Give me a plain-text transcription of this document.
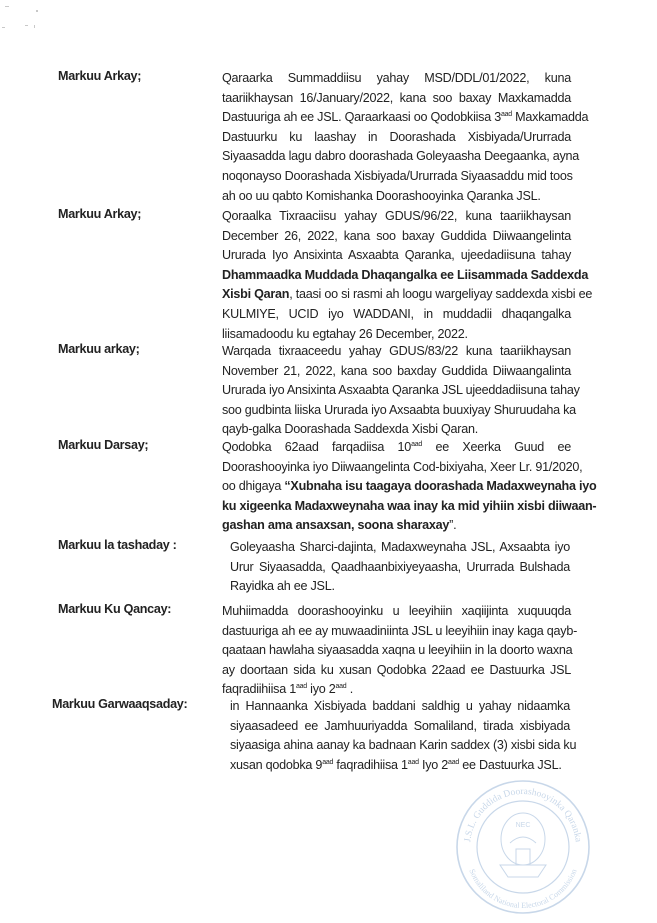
Markuu Arkay;	Qaraarka Summaddiisu yahay MSD/DDL/01/2022, kuna
taariikhaysan 16/January/2022, kana soo baxay Maxkamadda
Dastuuriga ah ee JSL. Qaraarkaasi oo Qodobkiisa $3^{aad}$ Maxkamadda
Dastuurku ku laashay in Doorashada Xisbiyada/Ururrada
Siyaasadda lagu dabro doorashada Goleyaasha Deegaanka, ayna
noqonayso Doorashada Xisbiyada/Ururrada Siyaasaddu mid toos
ah oo uu qabto Komishanka Doorashooyinka Qaranka JSL.
Markuu Arkay;	Qoraalka Tixraaciisu yahay GDUS/96/22, kuna taariikhaysan
December 26, 2022, kana soo baxay Guddida Diiwaangelinta
Ururada Iyo Ansixinta Asxaabta Qaranka, ujeedadiisuna tahay
Dhammaadka Muddada Dhaqangalka ee Liisammada Saddexda
Xisbi Qaran, taasi oo si rasmi ah loogu wargeliyay saddexda xisbi ee
KULMIYE, UCID iyo WADDANI, in muddadii dhaqangalka
liisamadoodu ku egtahay 26 December, 2022.
Markuu arkay;	Warqada tixraaceedu yahay GDUS/83/22 kuna taariikhaysan
November 21, 2022, kana soo baxday Guddida Diiwaangalinta
Ururada iyo Ansixinta Asxaabta Qaranka JSL ujeeddadiisuna tahay
soo gudbinta liiska Ururada iyo Axsaabta buuxiyay Shuruudaha ka
qayb-galka Doorashada Saddexda Xisbi Qaran.
Markuu Darsay;	Qodobka 62aad farqadiisa $10^{aad}$ ee Xeerka Guud ee
Doorashooyinka iyo Diiwaangelinta Cod-bixiyaha, Xeer Lr. 91/2020,
oo dhigaya “Xubnaha isu taagaya doorashada Madaxweynaha iyo
ku xigeenka Madaxweynaha waa inay ka mid yihiin xisbi diiwaan-
gashan ama ansaxsan, soona sharaxay”.
Markuu la tashaday :	Goleyaasha Sharci-dajinta, Madaxweynaha JSL, Axsaabta iyo
Urur Siyaasadda, Qaadhaanbixiyeyaasha, Ururrada Bulshada
Rayidka ah ee JSL.
Markuu Ku Qancay:	Muhiimadda doorashooyinku u leeyihiin xaqiijinta xuquuqda
dastuuriga ah ee ay muwaadiniinta JSL u leeyihiin inay kaga qayb-
qaataan hawlaha siyaasadda xaqna u leeyihiin in la doorto waxna
ay doortaan sida ku xusan Qodobka 22aad ee Dastuurka JSL
faqradiihiisa $1^{aad}$ iyo $2^{aad}$ .
Markuu Garwaaqsaday:	in Hannaanka Xisbiyada baddani saldhig u yahay nidaamka
siyaasadeed ee Jamhuuriyadda Somaliland, tirada xisbiyada
siyaasiga ahina aanay ka badnaan Karin saddex (3) xisbi sida ku
xusan qodobka $9^{aad}$ faqradihiisa $1^{aad}$ Iyo $2^{aad}$ ee Dastuurka JSL.
J.S.L. Guddida Doorashooyinka Qaranka
Somaliland National Electoral Commission
NEC
